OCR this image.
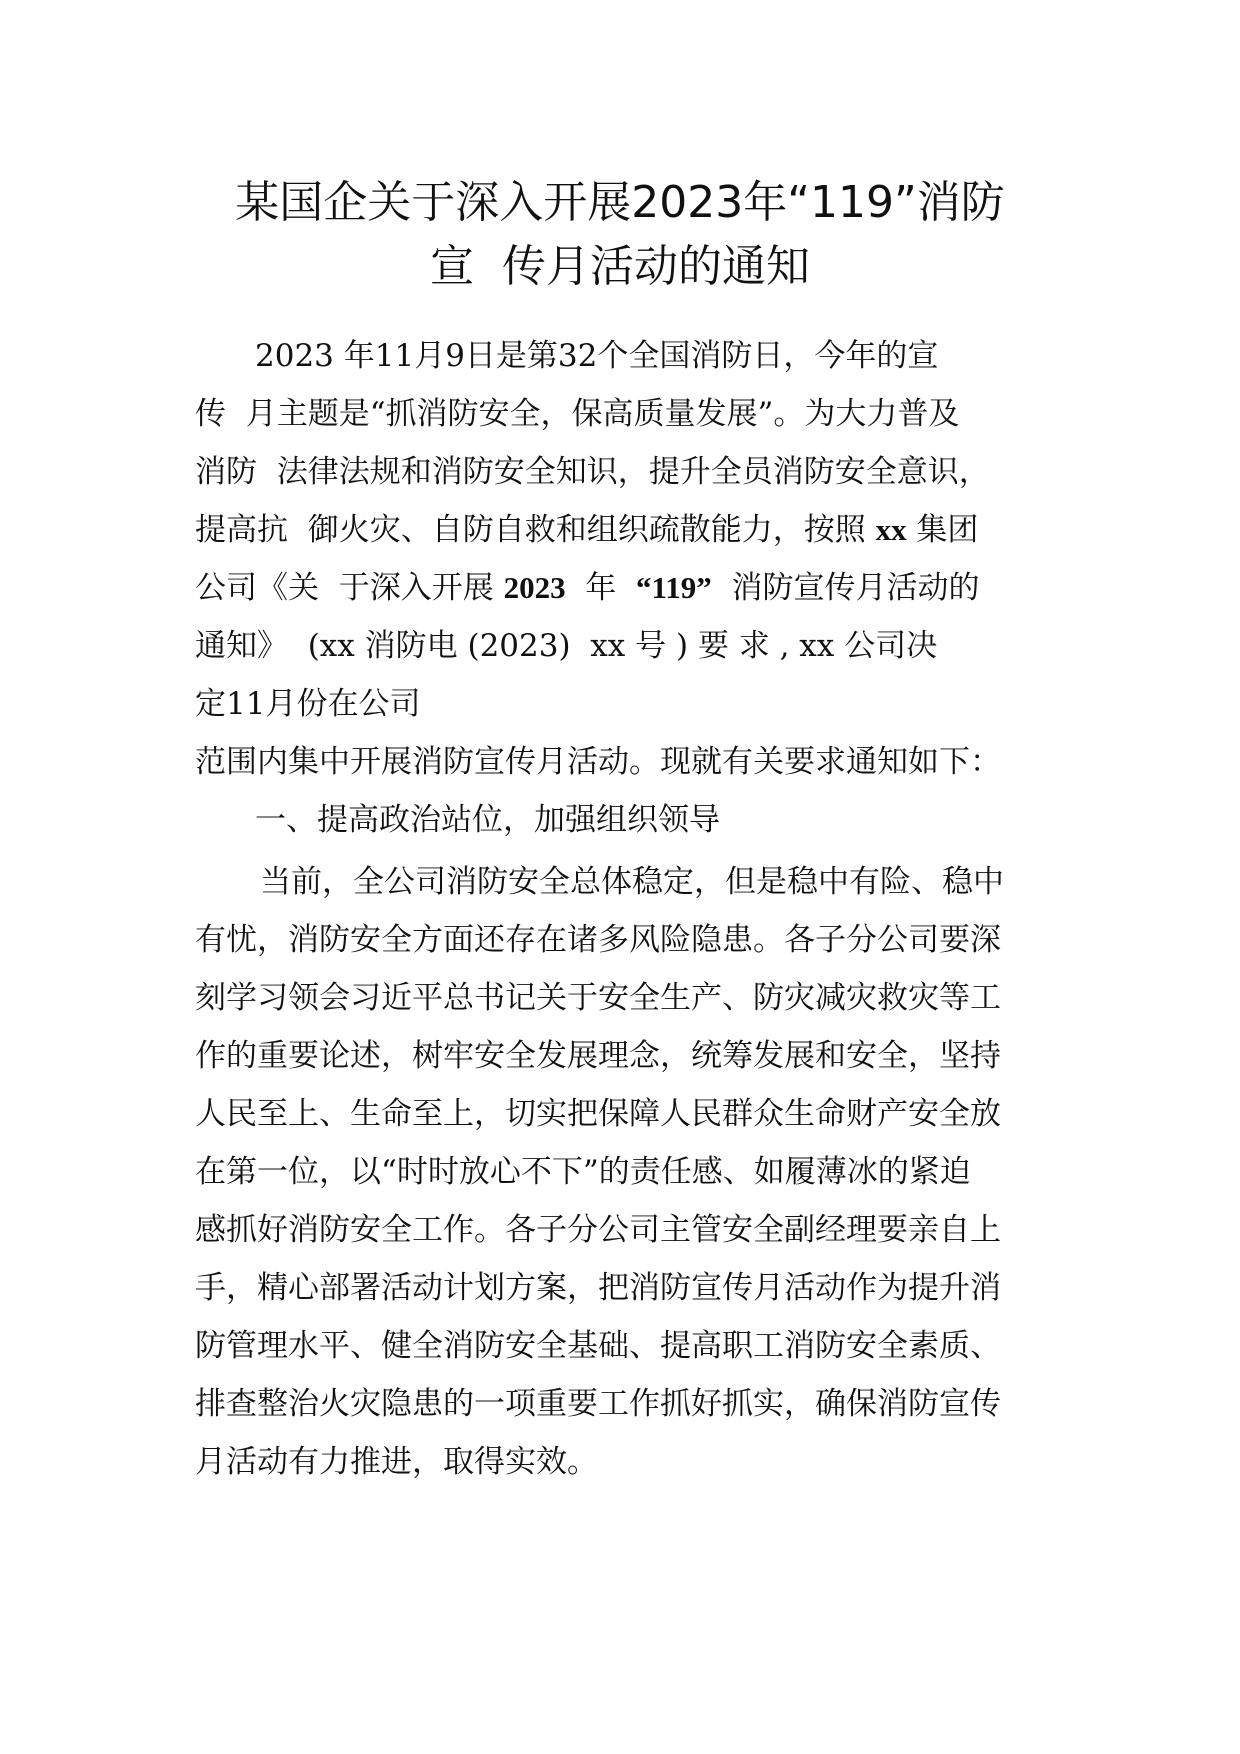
某国企关于深入开展2023年“119”消防
宣  传月活动的通知
2023 年11月9日是第32个全国消防日，今年的宣
传  月主题是“抓消防安全，保高质量发展”。为大力普及
消防  法律法规和消防安全知识，提升全员消防安全意识，
提高抗  御火灾、自防自救和组织疏散能力，按照 xx 集团
公司《关  于深入开展 2023  年  “119”  消防宣传月活动的
通知》  (xx 消防电 (2023)  xx 号 ) 要 求 , xx 公司决
定11月份在公司
范围内集中开展消防宣传月活动。现就有关要求通知如下：
一、提高政治站位，加强组织领导
当前，全公司消防安全总体稳定，但是稳中有险、稳中
有忧，消防安全方面还存在诸多风险隐患。各子分公司要深
刻学习领会习近平总书记关于安全生产、防灾减灾救灾等工
作的重要论述，树牢安全发展理念，统筹发展和安全，坚持
人民至上、生命至上，切实把保障人民群众生命财产安全放
在第一位，以“时时放心不下”的责任感、如履薄冰的紧迫
感抓好消防安全工作。各子分公司主管安全副经理要亲自上
手，精心部署活动计划方案，把消防宣传月活动作为提升消
防管理水平、健全消防安全基础、提高职工消防安全素质、
排查整治火灾隐患的一项重要工作抓好抓实，确保消防宣传
月活动有力推进，取得实效。
